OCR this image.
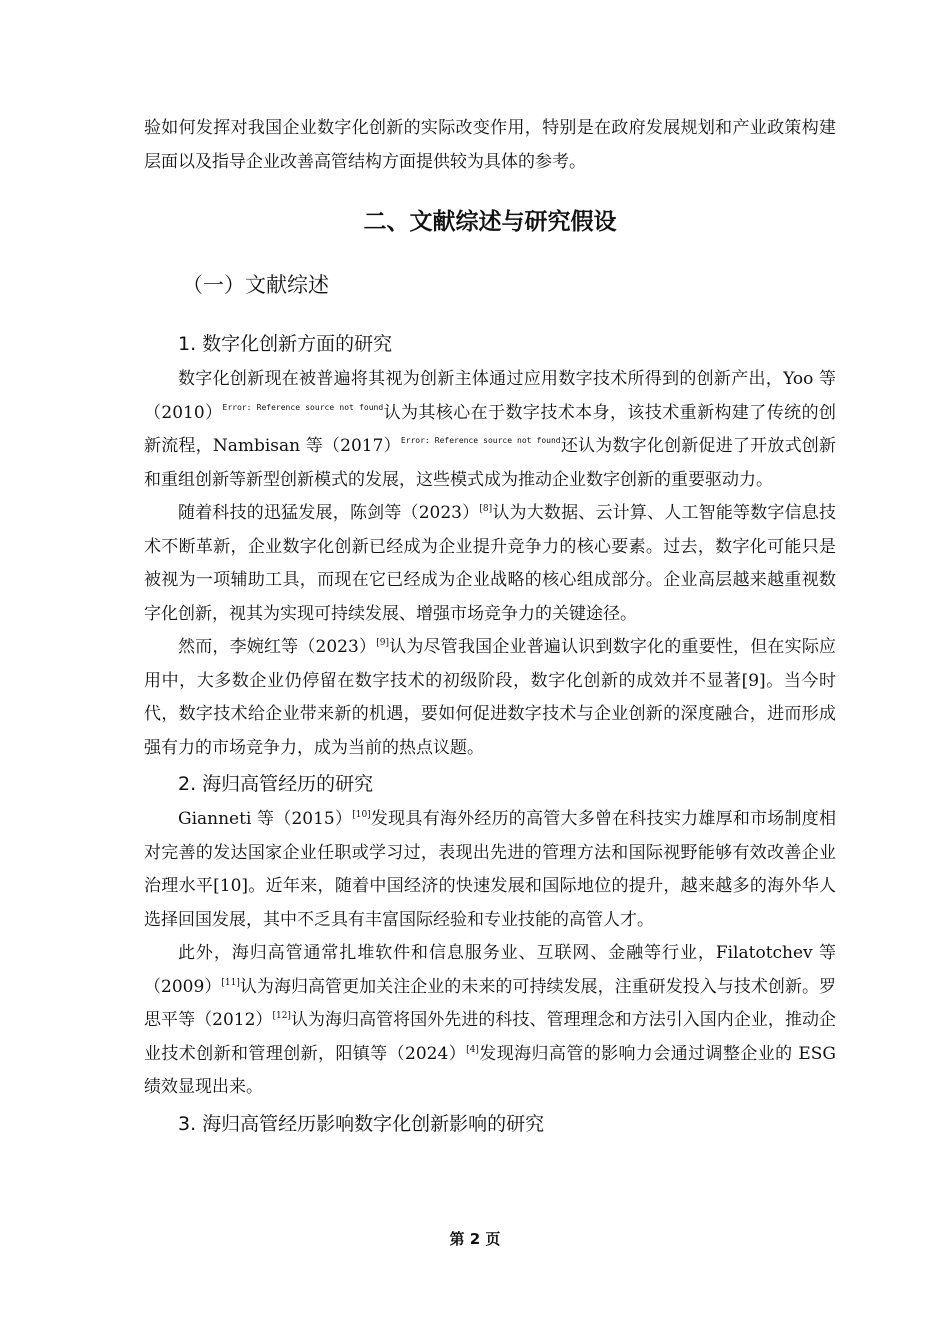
验如何发挥对我国企业数字化创新的实际改变作用，特别是在政府发展规划和产业政策构建层面以及指导企业改善高管结构方面提供较为具体的参考。

二、文献综述与研究假设
（一）文献综述
1. 数字化创新方面的研究

数字化创新现在被普遍将其视为创新主体通过应用数字技术所得到的创新产出，Yoo 等$(2010)^{Error: Reference source not found}$认为其核心在于数字技术本身，该技术重新构建了传统的创新流程，Nambisan 等$(2017)^{Error: Reference source not found}$还认为数字化创新促进了开放式创新和重组创新等新型创新模式的发展，这些模式成为推动企业数字创新的重要驱动力。

随着科技的迅猛发展，陈剑等（2023）[8]认为大数据、云计算、人工智能等数字信息技术不断革新，企业数字化创新已经成为企业提升竞争力的核心要素。过去，数字化可能只是被视为一项辅助工具，而现在它已经成为企业战略的核心组成部分。企业高层越来越重视数字化创新，视其为实现可持续发展、增强市场竞争力的关键途径。

然而，李婉红等（2023）[9]认为尽管我国企业普遍认识到数字化的重要性，但在实际应用中，大多数企业仍停留在数字技术的初级阶段，数字化创新的成效并不显著[9]。当今时代，数字技术给企业带来新的机遇，要如何促进数字技术与企业创新的深度融合，进而形成强有力的市场竞争力，成为当前的热点议题。

2. 海归高管经历的研究

Gianneti 等（2015）[10]发现具有海外经历的高管大多曾在科技实力雄厚和市场制度相对完善的发达国家企业任职或学习过，表现出先进的管理方法和国际视野能够有效改善企业治理水平[10]。近年来，随着中国经济的快速发展和国际地位的提升，越来越多的海外华人选择回国发展，其中不乏具有丰富国际经验和专业技能的高管人才。

此外，海归高管通常扎堆软件和信息服务业、互联网、金融等行业，Filatotchev 等（2009）[11]认为海归高管更加关注企业的未来的可持续发展，注重研发投入与技术创新。罗思平等（2012）[12]认为海归高管将国外先进的科技、管理理念和方法引入国内企业，推动企业技术创新和管理创新，阳镇等（2024）[4]发现海归高管的影响力会通过调整企业的 ESG 绩效显现出来。

3. 海归高管经历影响数字化创新影响的研究
第 2 页
